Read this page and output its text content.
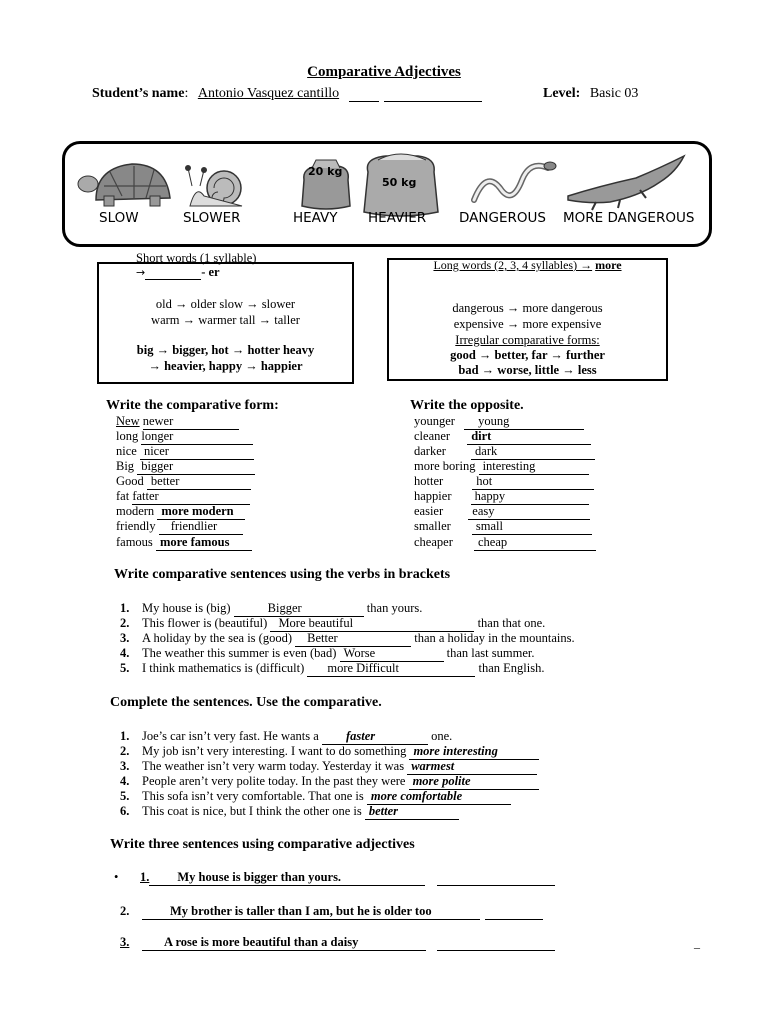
Comparative Adjectives
Student’s name: Antonio Vasquez cantillo	Level: Basic 03
20 kg
50 kg
SLOW	SLOWER	HEAVY HEAVIER DANGEROUS MORE DANGEROUS
Short words (1 syllable)
→	- er
old → older slow → slower
warm → warmer tall → taller
big → bigger, hot → hotter heavy
→ heavier, happy → happier
Long words (2, 3, 4 syllables) → more
dangerous → more dangerous
expensive → more expensive
Irregular comparative forms:
good → better, far → further
bad → worse, little → less
Write the comparative form:
New newer
long longer
nice nicer
Big bigger
Good better
fat fatter
modern more modern
friendly friendlier
famous more famous
Write the opposite.
younger young
cleaner dirt
darker dark
more boring interesting
hotter	hot
happier happy
easier easy
smaller small
cheaper cheap
Write comparative sentences using the verbs in brackets
1. My house is (big)	Bigger	than yours.
2. This flower is (beautiful) More beautiful	than that one.
3. A holiday by the sea is (good) Better	than a holiday in the mountains.
4. The weather this summer is even (bad) Worse	than last summer.
5. I think mathematics is (difficult) more Difficult	than English.
Complete the sentences. Use the comparative.
1. Joe’s car isn’t very fast. He wants a faster	one.
2. My job isn’t very interesting. I want to do something more interesting
3. The weather isn’t very warm today. Yesterday it was warmest
4. People aren’t very polite today. In the past they were more polite
5. This sofa isn’t very comfortable. That one is more comfortable
6. This coat is nice, but I think the other one is better
Write three sentences using comparative adjectives
• 1. My house is bigger than yours.
2.	My brother is taller than I am, but he is older too
3.	A rose is more beautiful than a daisy	_
